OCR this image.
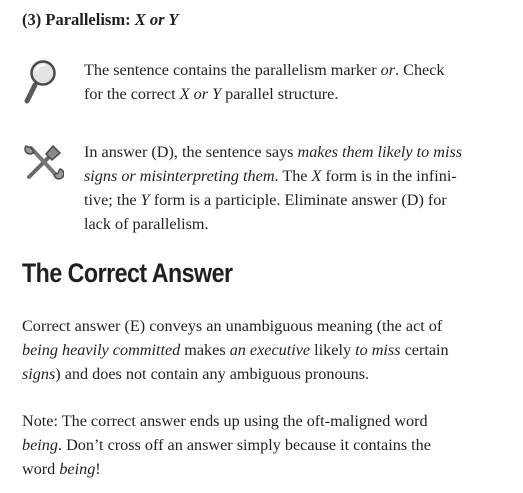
(3) Parallelism: X or Y
The sentence contains the parallelism marker or. Check
for the correct X or Y parallel structure.
In answer (D), the sentence says makes them likely to miss
signs or misinterpreting them. The X form is in the infini-
tive; the Y form is a participle. Eliminate answer (D) for
lack of parallelism.
The Correct Answer
Correct answer (E) conveys an unambiguous meaning (the act of
being heavily committed makes an executive likely to miss certain
signs) and does not contain any ambiguous pronouns.
Note: The correct answer ends up using the oft-maligned word
being. Don’t cross off an answer simply because it contains the
word being!
